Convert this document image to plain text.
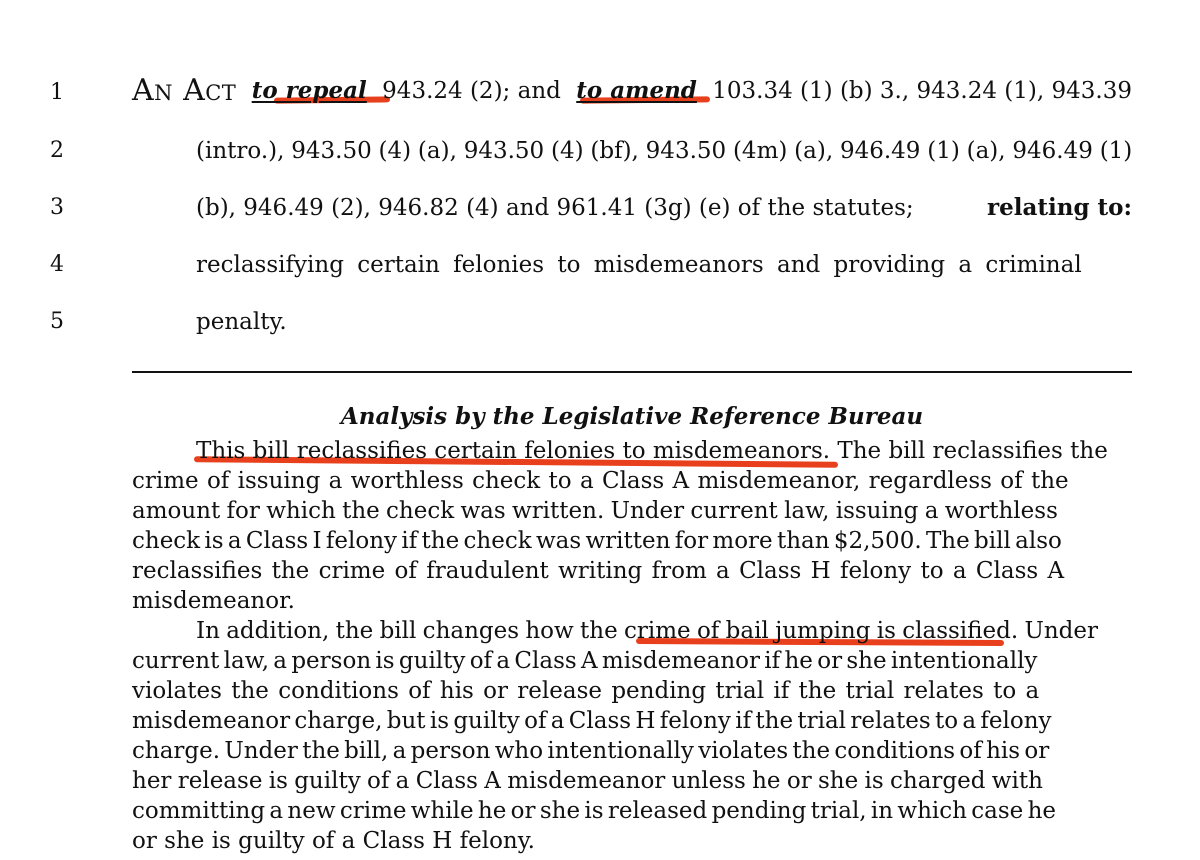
1
2
3
4
5
An Act to repeal 943.24 (2); and to amend 103.34 (1) (b) 3., 943.24 (1), 943.39
(intro.), 943.50 (4) (a), 943.50 (4) (bf), 943.50 (4m) (a), 946.49 (1) (a), 946.49 (1)
(b), 946.49 (2), 946.82 (4) and 961.41 (3g) (e) of the statutes;	relating to:
reclassifying certain felonies to misdemeanors and providing a criminal
penalty.
Analysis by the Legislative Reference Bureau
This bill reclassifies certain felonies to misdemeanors. The bill reclassifies the
crime of issuing a worthless check to a Class A misdemeanor, regardless of the
amount for which the check was written. Under current law, issuing a worthless
check is a Class I felony if the check was written for more than $2,500. The bill also
reclassifies the crime of fraudulent writing from a Class H felony to a Class A
misdemeanor.
In addition, the bill changes how the crime of bail jumping is classified. Under
current law, a person is guilty of a Class A misdemeanor if he or she intentionally
violates the conditions of his or release pending trial if the trial relates to a
misdemeanor charge, but is guilty of a Class H felony if the trial relates to a felony
charge. Under the bill, a person who intentionally violates the conditions of his or
her release is guilty of a Class A misdemeanor unless he or she is charged with
committing a new crime while he or she is released pending trial, in which case he
or she is guilty of a Class H felony.
